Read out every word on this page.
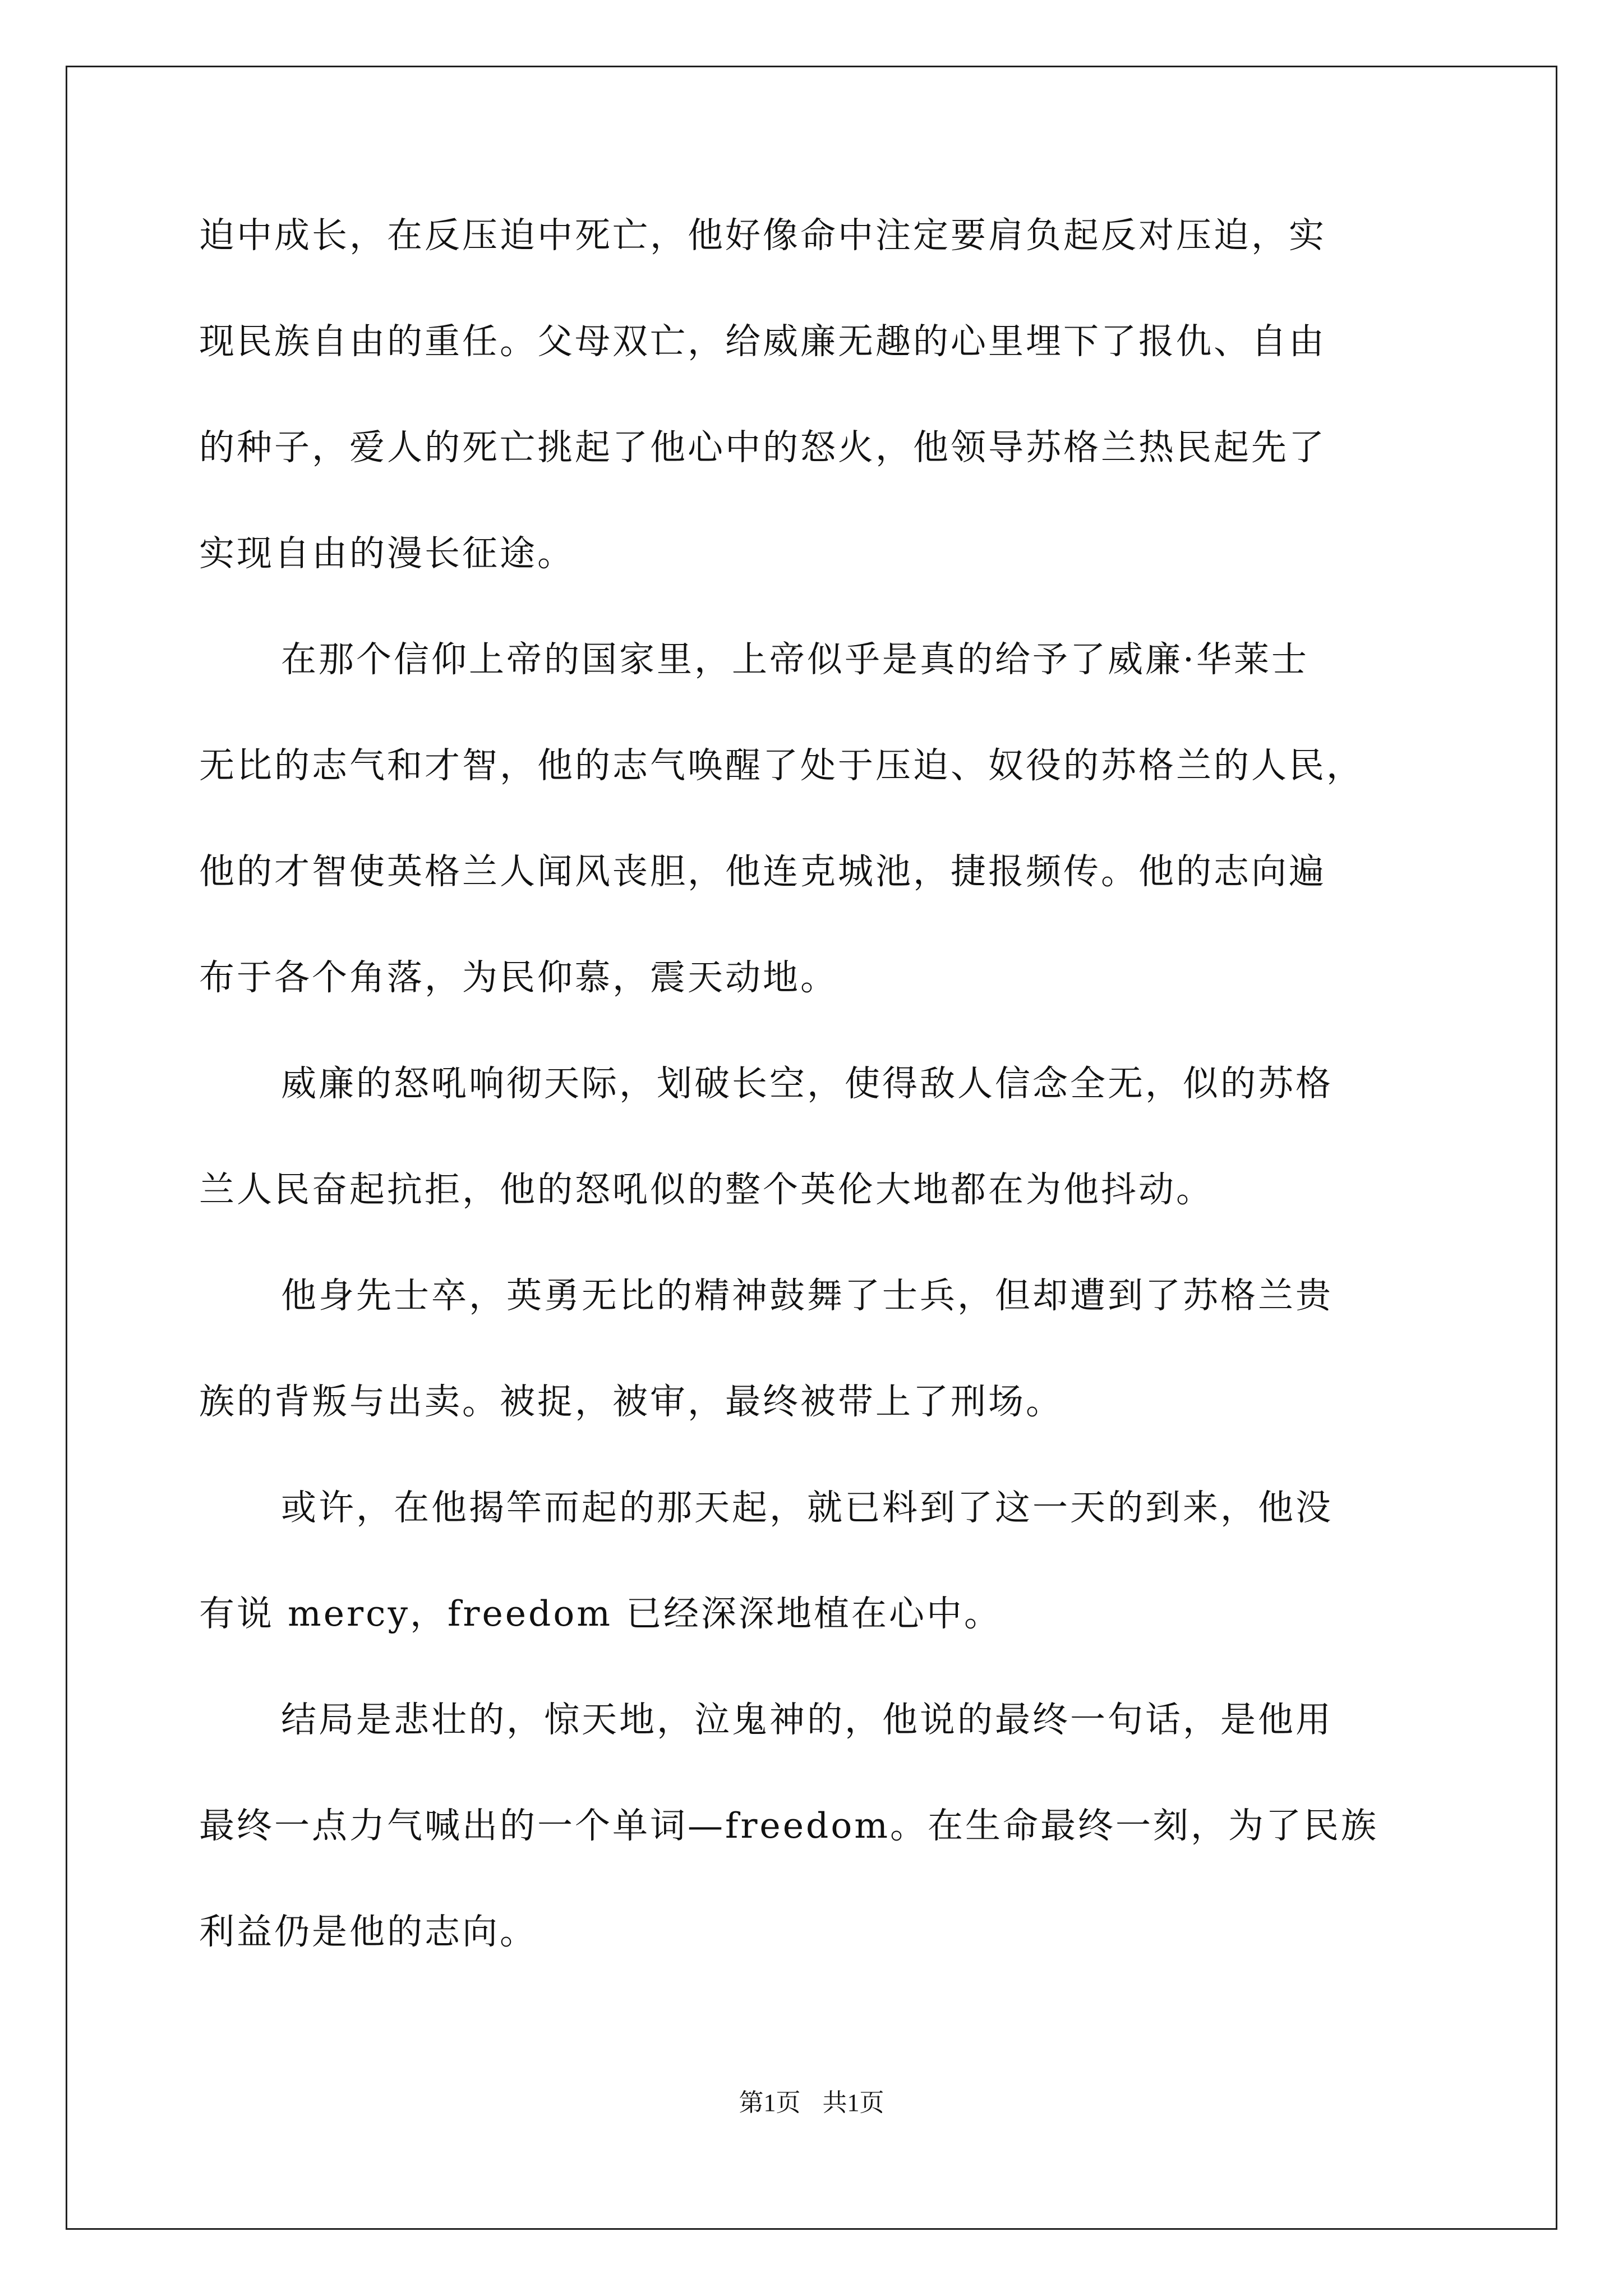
迫中成长，在反压迫中死亡，他好像命中注定要肩负起反对压迫，实
现民族自由的重任。父母双亡，给威廉无趣的心里埋下了报仇、自由
的种子，爱人的死亡挑起了他心中的怒火，他领导苏格兰热民起先了
实现自由的漫长征途。
在那个信仰上帝的国家里，上帝似乎是真的给予了威廉·华莱士
无比的志气和才智，他的志气唤醒了处于压迫、奴役的苏格兰的人民，
他的才智使英格兰人闻风丧胆，他连克城池，捷报频传。他的志向遍
布于各个角落，为民仰慕，震天动地。
威廉的怒吼响彻天际，划破长空，使得敌人信念全无，似的苏格
兰人民奋起抗拒，他的怒吼似的整个英伦大地都在为他抖动。
他身先士卒，英勇无比的精神鼓舞了士兵，但却遭到了苏格兰贵
族的背叛与出卖。被捉，被审，最终被带上了刑场。
或许，在他揭竿而起的那天起，就已料到了这一天的到来，他没
有说 mercy，freedom 已经深深地植在心中。
结局是悲壮的，惊天地，泣鬼神的，他说的最终一句话，是他用
最终一点力气喊出的一个单词—freedom。在生命最终一刻，为了民族
利益仍是他的志向。
第1页 共1页
